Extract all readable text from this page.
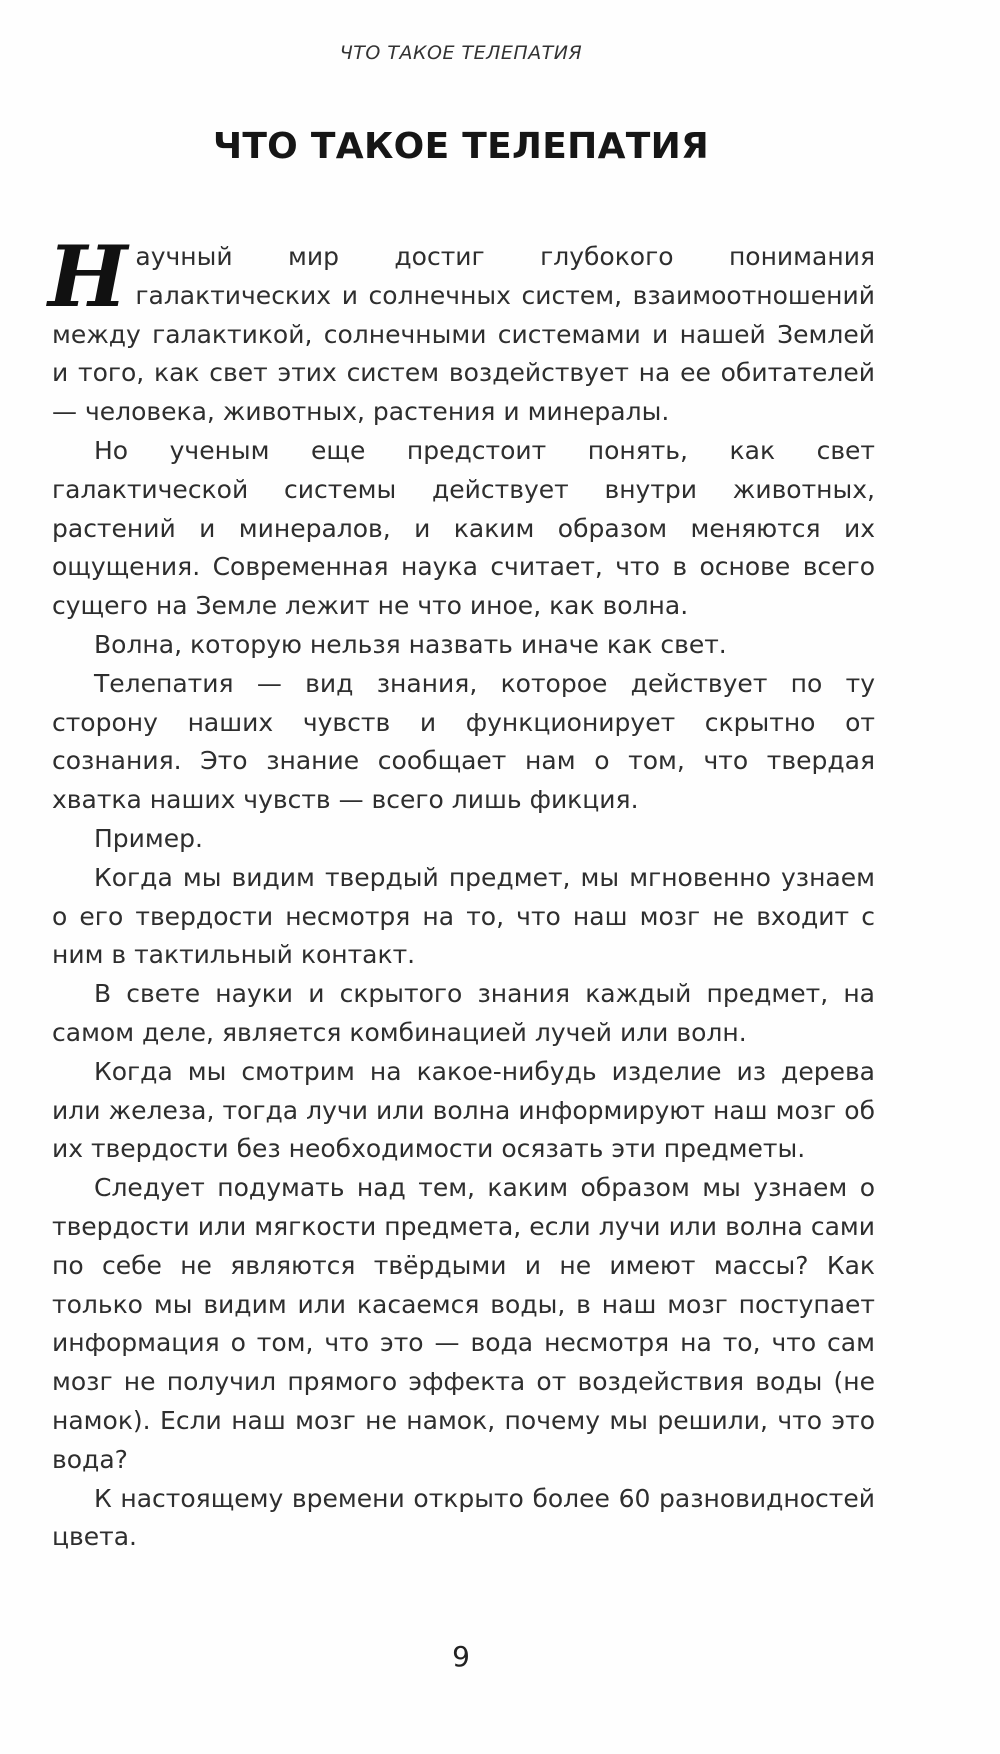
ЧТО ТАКОЕ ТЕЛЕПАТИЯ
ЧТО ТАКОЕ ТЕЛЕПАТИЯ

Научный мир достиг глубокого понимания галактических и солнечных систем, взаимоотношений между галактикой, солнечными системами и нашей Землей и того, как свет этих систем воздействует на ее обитателей — человека, животных, растения и минералы.

Но ученым еще предстоит понять, как свет галактической системы действует внутри животных, растений и минералов, и каким образом меняются их ощущения. Современная наука считает, что в основе всего сущего на Земле лежит не что иное, как волна.

Волна, которую нельзя назвать иначе как свет.

Телепатия — вид знания, которое действует по ту сторону наших чувств и функционирует скрытно от сознания. Это знание сообщает нам о том, что твердая хватка наших чувств — всего лишь фикция.

Пример.

Когда мы видим твердый предмет, мы мгновенно узнаем о его твердости несмотря на то, что наш мозг не входит с ним в тактильный контакт.

В свете науки и скрытого знания каждый предмет, на самом деле, является комбинацией лучей или волн.

Когда мы смотрим на какое-нибудь изделие из дерева или железа, тогда лучи или волна информируют наш мозг об их твердости без необходимости осязать эти предметы.

Следует подумать над тем, каким образом мы узнаем о твердости или мягкости предмета, если лучи или волна сами по себе не являются твёрдыми и не имеют массы? Как только мы видим или касаемся воды, в наш мозг поступает информация о том, что это — вода несмотря на то, что сам мозг не получил прямого эффекта от воздействия воды (не намок). Если наш мозг не намок, почему мы решили, что это вода?

К настоящему времени открыто более 60 разновидностей цвета.

9
